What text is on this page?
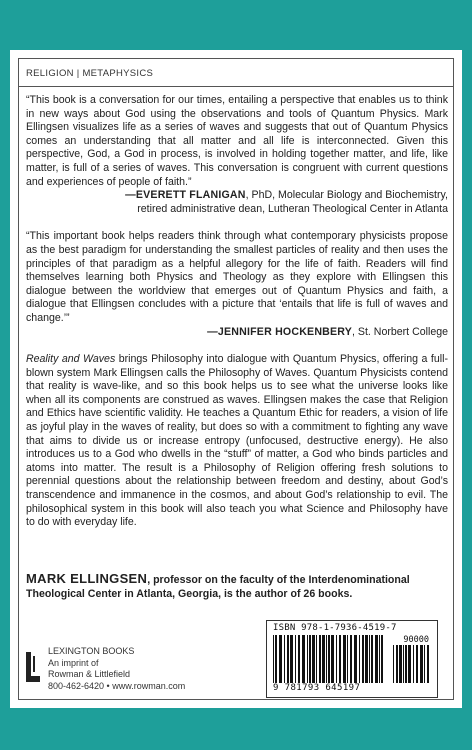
RELIGION | METAPHYSICS

“This book is a conversation for our times, entailing a perspective that enables us to think in new ways about God using the observations and tools of Quantum Physics. Mark Ellingsen visualizes life as a series of waves and suggests that out of Quantum Physics comes an understanding that all matter and all life is interconnected. Given this perspective, God, a God in process, is involved in holding together matter, and life, like matter, is full of a series of waves. This conversation is congruent with current questions and experiences of people of faith.”

—EVERETT FLANIGAN, PhD, Molecular Biology and Biochemistry,
retired administrative dean, Lutheran Theological Center in Atlanta

“This important book helps readers think through what contemporary physicists propose as the best paradigm for understanding the smallest particles of reality and then uses the principles of that paradigm as a helpful allegory for the life of faith. Readers will find themselves learning both Physics and Theology as they explore with Ellingsen this dialogue between the worldview that emerges out of Quantum Physics and faith, a dialogue that Ellingsen concludes with a picture that ‘entails that life is full of waves and change.’”

—JENNIFER HOCKENBERY, St. Norbert College

Reality and Waves brings Philosophy into dialogue with Quantum Physics, offering a full-blown system Mark Ellingsen calls the Philosophy of Waves. Quantum Physicists contend that reality is wave-like, and so this book helps us to see what the universe looks like when all its components are construed as waves. Ellingsen makes the case that Religion and Ethics have scientific validity. He teaches a Quantum Ethic for readers, a vision of life as joyful play in the waves of reality, but does so with a commitment to fighting any wave that aims to divide us or increase entropy (unfocused, destructive energy). He also introduces us to a God who dwells in the “stuff” of matter, a God who binds particles and atoms into matter. The result is a Philosophy of Religion offering fresh solutions to perennial questions about the relationship between freedom and destiny, about God’s transcendence and immanence in the cosmos, and about God’s relationship to evil. The philosophical system in this book will also teach you what Science and Philosophy have to do with everyday life.

MARK ELLINGSEN, professor on the faculty of the Interdenominational Theological Center in Atlanta, Georgia, is the author of 26 books.
LEXINGTON BOOKS
An imprint of
Rowman & Littlefield
800-462-6420 • www.rowman.com
ISBN 978-1-7936-4519-7
90000
9 781793 645197
